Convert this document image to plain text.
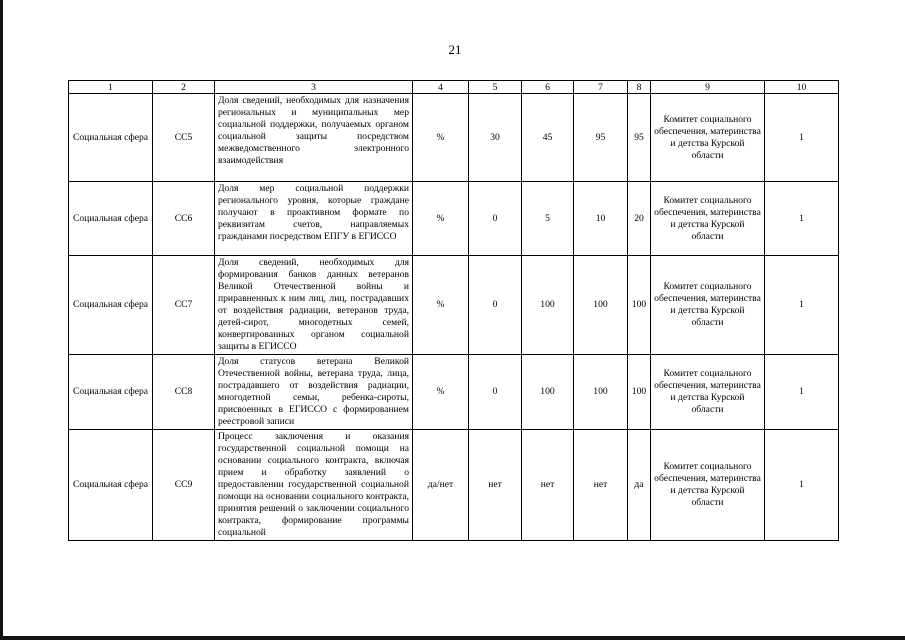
21
1	2	3	4	5	6	7	8	9	10
Социальная сфера	СС5	Доля сведений, необходимых для назначения региональных и муниципальных мер социальной поддержки, получаемых органом социальной защиты посредством межведомственного электронного взаимодействия	%	30	45	95	95	Комитет социального обеспечения, материнства и детства Курской области	1
Социальная сфера	СС6	Доля мер социальной поддержки регионального уровня, которые граждане получают в проактивном формате по реквизитам счетов, направляемых гражданами посредством ЕПГУ в ЕГИССО	%	0	5	10	20	Комитет социального обеспечения, материнства и детства Курской области	1
Социальная сфера	СС7	Доля сведений, необходимых для формирования банков данных ветеранов Великой Отечественной войны и приравненных к ним лиц, лиц, пострадавших от воздействия радиации, ветеранов труда, детей-сирот, многодетных семей, конвертированных органом социальной защиты в ЕГИССО	%	0	100	100	100	Комитет социального обеспечения, материнства и детства Курской области	1
Социальная сфера	СС8	Доля статусов ветерана Великой Отечественной войны, ветерана труда, лица, пострадавшего от воздействия радиации, многодетной семьи, ребенка-сироты, присвоенных в ЕГИССО с формированием реестровой записи	%	0	100	100	100	Комитет социального обеспечения, материнства и детства Курской области	1
Социальная сфера	СС9	Процесс заключения и оказания государственной социальной помощи на основании социального контракта, включая прием и обработку заявлений о предоставлении государственной социальной помощи на основании социального контракта, принятия решений о заключении социального контракта, формирование программы социальной	да/нет	нет	нет	нет	да	Комитет социального обеспечения, материнства и детства Курской области	1
